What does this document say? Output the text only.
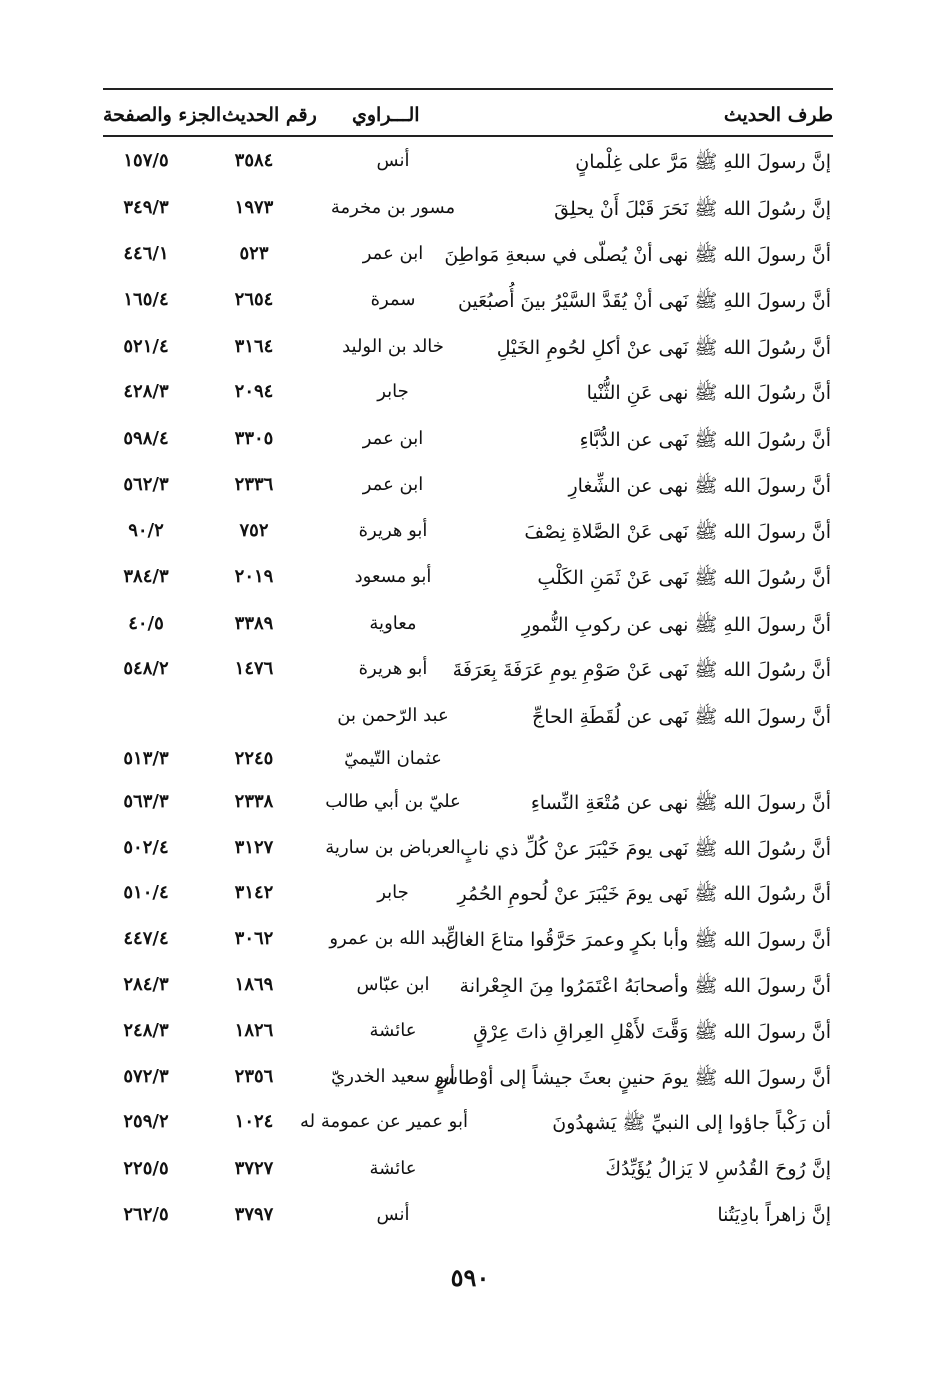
طرف الحديث
الـــراوي
رقم الحديث
الجزء والصفحة
إنَّ رسولَ اللهِ ﷺ مَرَّ على غِلْمانٍ
أنس
٣٥٨٤
١٥٧/٥
إنَّ رسُولَ الله ﷺ نَحَرَ قَبْلَ أَنْ يحلِقَ
مسور بن مخرمة
١٩٧٣
٣٤٩/٣
أنَّ رسولَ الله ﷺ نهى أنْ يُصلّى في سبعةِ مَواطِنَ
ابن عمر
٥٢٣
٤٤٦/١
أنَّ رسولَ اللهِ ﷺ نَهى أنْ يُقَدَّ السَّيْرُ بينَ أُصبُعَين
سمرة
٢٦٥٤
١٦٥/٤
أنَّ رسُولَ الله ﷺ نَهى عنْ أكلِ لحُومِ الخَيْلِ
خالد بن الوليد
٣١٦٤
٥٢١/٤
أنَّ رسُولَ الله ﷺ نهى عَنِ الثُّنْيا
جابر
٢٠٩٤
٤٢٨/٣
أنَّ رسُولَ الله ﷺ نَهى عن الدُّبَّاءِ
ابن عمر
٣٣٠٥
٥٩٨/٤
أنَّ رسولَ الله ﷺ نهى عن الشِّغارِ
ابن عمر
٢٣٣٦
٥٦٢/٣
أنَّ رسولَ الله ﷺ نَهى عَنْ الصَّلاةِ نِصْفَ
أبو هريرة
٧٥٢
٩٠/٢
أنَّ رسُولَ الله ﷺ نَهى عَنْ ثَمَنِ الكَلْبِ
أبو مسعود
٢٠١٩
٣٨٤/٣
أنَّ رسولَ اللهِ ﷺ نهى عن ركوبِ النُّمورِ
معاوية
٣٣٨٩
٤٠/٥
أنَّ رسُولَ الله ﷺ نَهى عَنْ صَوْمِ يومِ عَرَفَةَ بِعَرَفَةَ
أبو هريرة
١٤٧٦
٥٤٨/٢
أنَّ رسولَ الله ﷺ نَهى عن لُقَطَةِ الحاجِّ
عبد الرّحمن بن
عثمان التّيميّ
٢٢٤٥
٥١٣/٣
أنَّ رسولَ الله ﷺ نهى عن مُتْعَةِ النِّساءِ
عليّ بن أبي طالب
٢٣٣٨
٥٦٣/٣
أنَّ رسُولَ الله ﷺ نَهى يومَ خَيْبَرَ عنْ كُلِّ ذي نابٍ
العرباض بن سارية
٣١٢٧
٥٠٢/٤
أنَّ رسُولَ الله ﷺ نَهى يومَ خَيْبَرَ عنْ لُحومِ الحُمُرِ
جابر
٣١٤٢
٥١٠/٤
أنَّ رسولَ الله ﷺ وأبا بكرٍ وعمرَ حَرَّقُوا متاعَ الغالِّ
عبد الله بن عمرو
٣٠٦٢
٤٤٧/٤
أنَّ رسولَ الله ﷺ وأصحابَهُ اعْتَمَرُوا مِنَ الجِعْرانة
ابن عبّاس
١٨٦٩
٢٨٤/٣
أنَّ رسولَ الله ﷺ وَقَّتَ لأَهْلِ العِراقِ ذاتَ عِرْقٍ
عائشة
١٨٢٦
٢٤٨/٣
أنَّ رسولَ الله ﷺ يومَ حنينٍ بعثَ جيشاً إلى أوْطاسٍ
أبو سعيد الخدريّ
٢٣٥٦
٥٧٢/٣
أن رَكْباً جاؤوا إلى النبيِّ ﷺ يَشهدُونَ
أبو عمير عن عمومة له
١٠٢٤
٢٥٩/٢
إنَّ رُوحَ القُدُسِ لا يَزالُ يُؤَيِّدُكَ
عائشة
٣٧٢٧
٢٢٥/٥
إنَّ زاهراً بادِيَتُنا
أنس
٣٧٩٧
٢٦٢/٥
٥٩٠
